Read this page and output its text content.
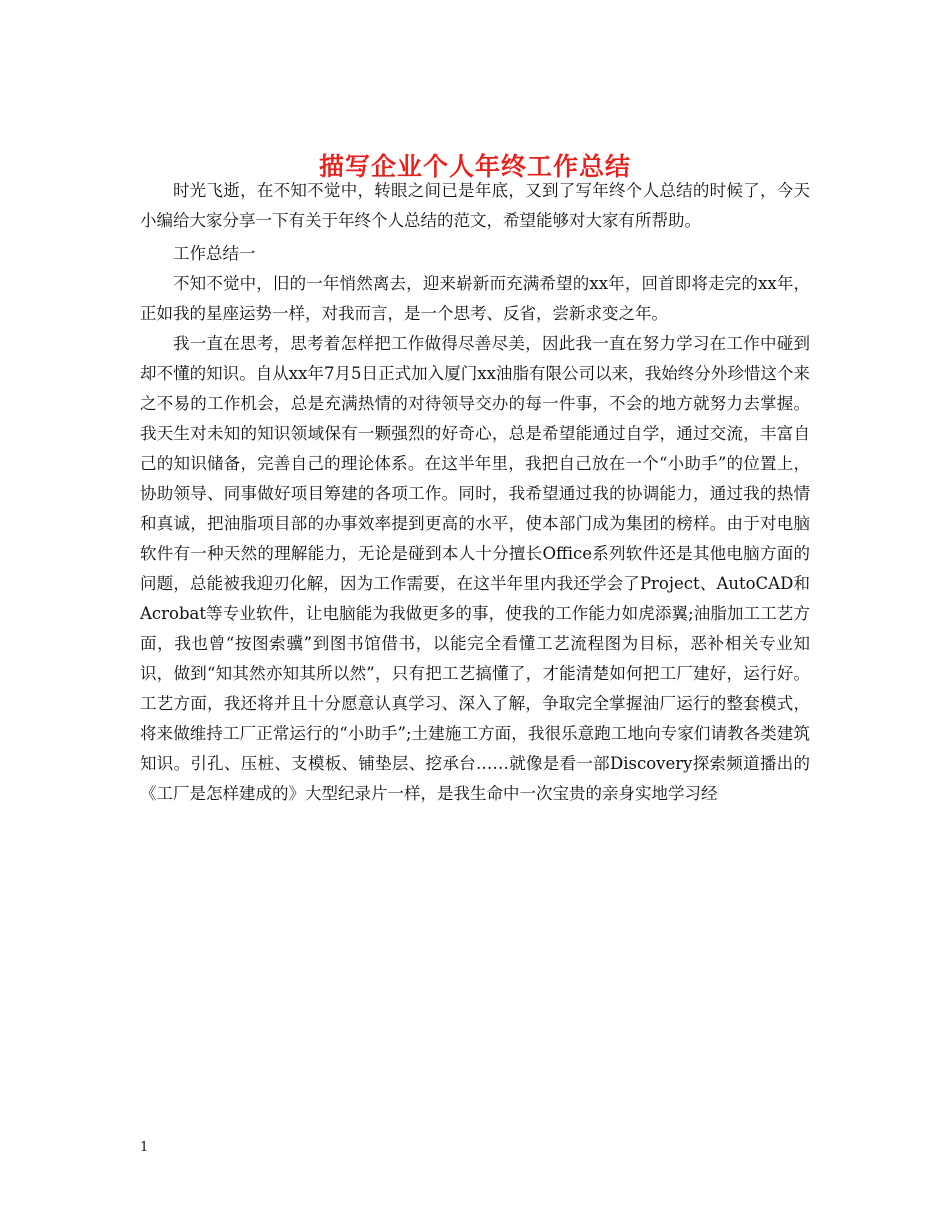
描写企业个人年终工作总结

时光飞逝，在不知不觉中，转眼之间已是年底，又到了写年终个人总结的时候了，今天小编给大家分享一下有关于年终个人总结的范文，希望能够对大家有所帮助。

工作总结一

不知不觉中，旧的一年悄然离去，迎来崭新而充满希望的xx年，回首即将走完的xx年，正如我的星座运势一样，对我而言，是一个思考、反省，尝新求变之年。

我一直在思考，思考着怎样把工作做得尽善尽美，因此我一直在努力学习在工作中碰到却不懂的知识。自从xx年7月5日正式加入厦门xx油脂有限公司以来，我始终分外珍惜这个来之不易的工作机会，总是充满热情的对待领导交办的每一件事，不会的地方就努力去掌握。我天生对未知的知识领域保有一颗强烈的好奇心，总是希望能通过自学，通过交流，丰富自己的知识储备，完善自己的理论体系。在这半年里，我把自己放在一个“小助手”的位置上，协助领导、同事做好项目筹建的各项工作。同时，我希望通过我的协调能力，通过我的热情和真诚，把油脂项目部的办事效率提到更高的水平，使本部门成为集团的榜样。由于对电脑软件有一种天然的理解能力，无论是碰到本人十分擅长Office系列软件还是其他电脑方面的问题，总能被我迎刃化解，因为工作需要，在这半年里内我还学会了Project、AutoCAD和Acrobat等专业软件，让电脑能为我做更多的事，使我的工作能力如虎添翼;油脂加工工艺方面，我也曾“按图索骥”到图书馆借书，以能完全看懂工艺流程图为目标，恶补相关专业知识，做到“知其然亦知其所以然”，只有把工艺搞懂了，才能清楚如何把工厂建好，运行好。工艺方面，我还将并且十分愿意认真学习、深入了解，争取完全掌握油厂运行的整套模式，将来做维持工厂正常运行的“小助手”;土建施工方面，我很乐意跑工地向专家们请教各类建筑知识。引孔、压桩、支模板、铺垫层、挖承台……就像是看一部Discovery探索频道播出的《工厂是怎样建成的》大型纪录片一样，是我生命中一次宝贵的亲身实地学习经

1
